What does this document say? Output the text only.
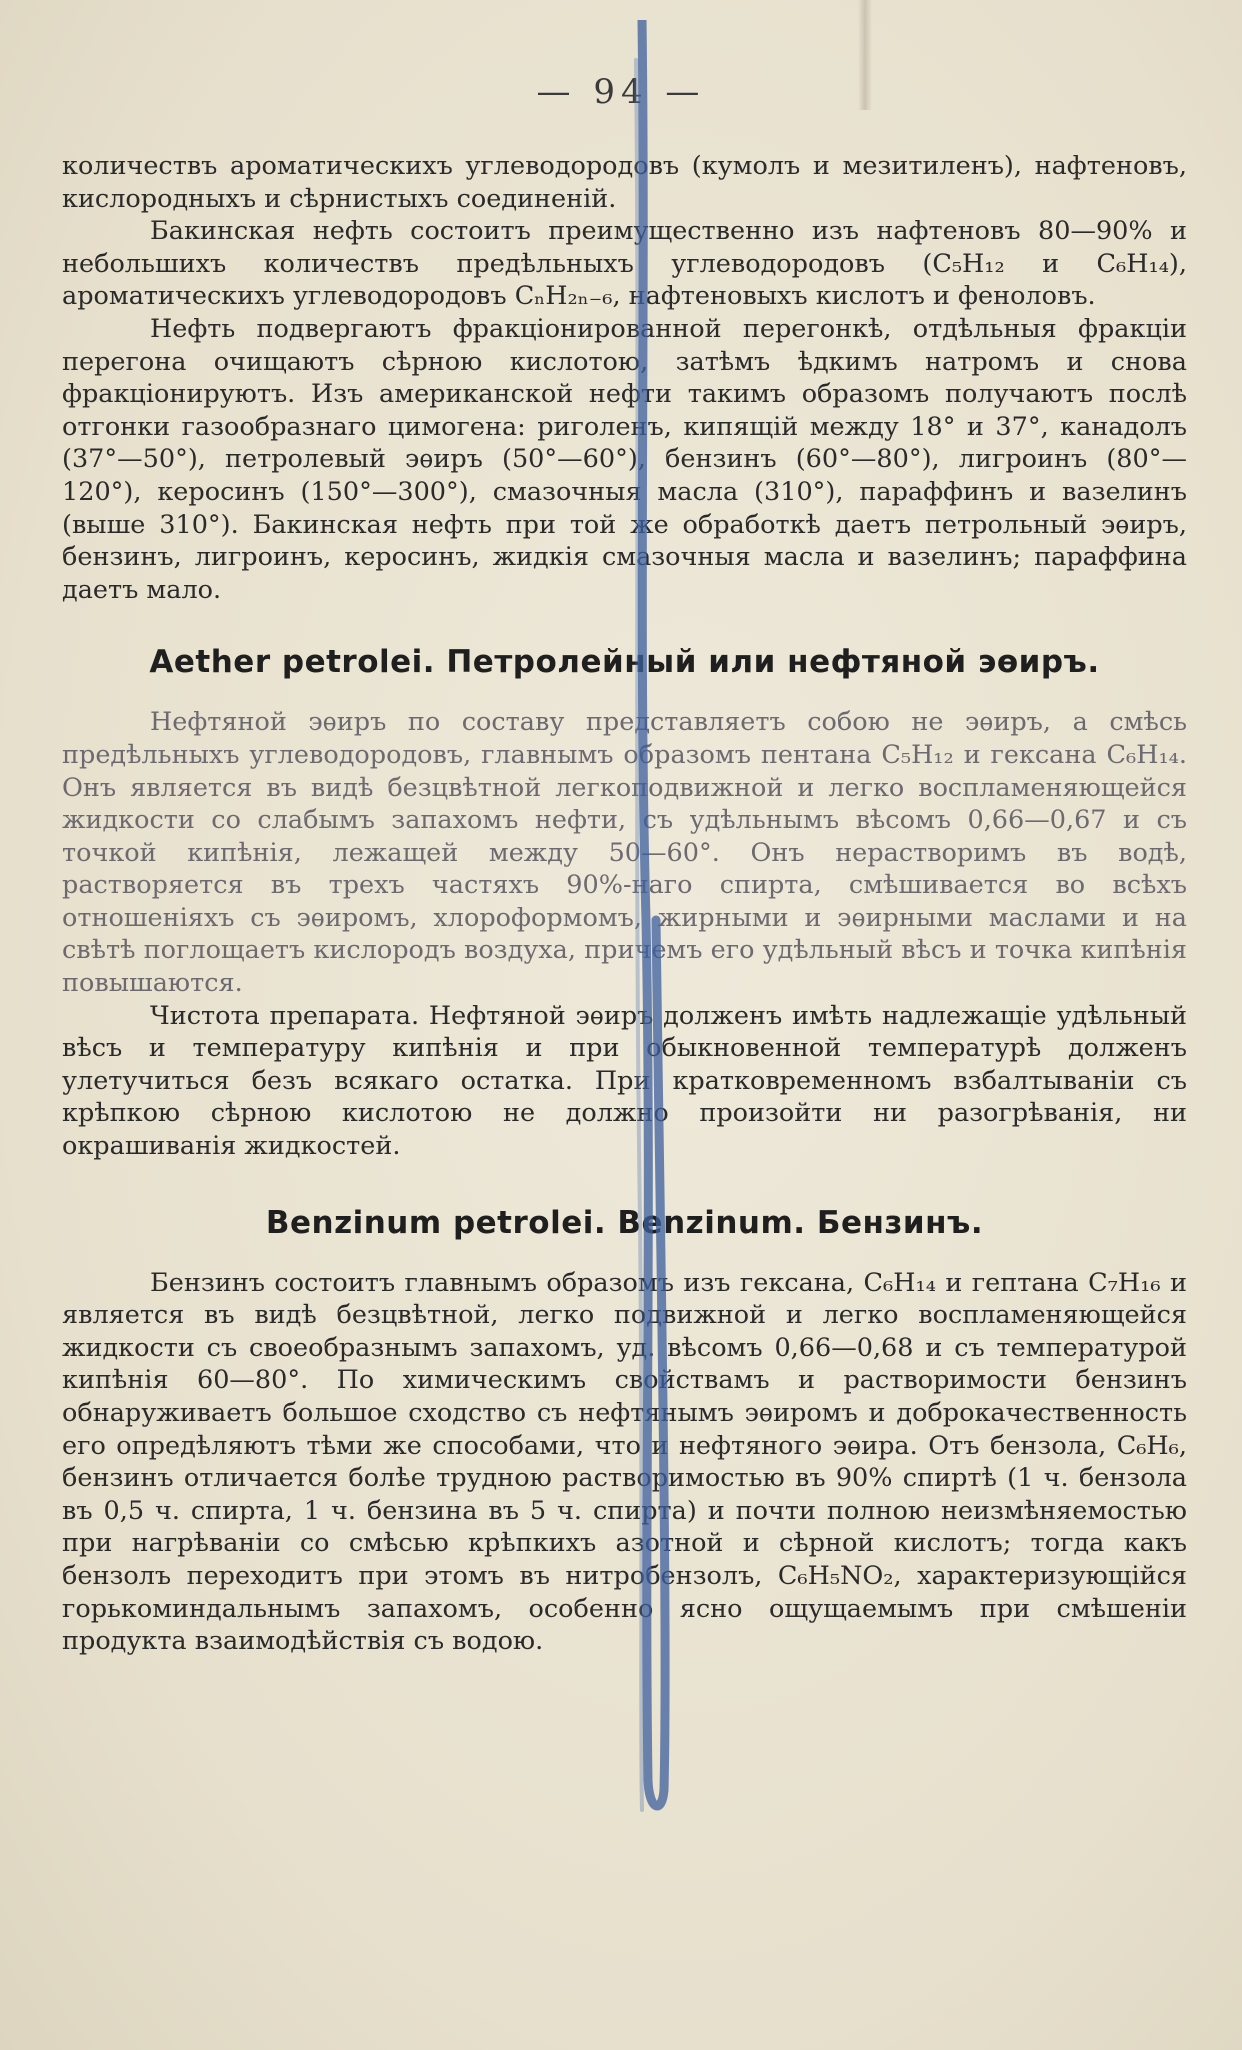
— 94 —

количествъ ароматическихъ углеводородовъ (кумолъ и мезитиленъ), нафтеновъ, кислородныхъ и сѣрнистыхъ соединеній.

Бакинская нефть состоитъ преимущественно изъ нафтеновъ 80—90% и небольшихъ количествъ предѣльныхъ углеводородовъ (C₅H₁₂ и C₆H₁₄), ароматическихъ углеводородовъ CₙH₂ₙ₋₆, нафтеновыхъ кислотъ и феноловъ.

Нефть подвергаютъ фракціонированной перегонкѣ, отдѣльныя фракціи перегона очищаютъ сѣрною кислотою, затѣмъ ѣдкимъ натромъ и снова фракціонируютъ. Изъ американской нефти такимъ образомъ получаютъ послѣ отгонки газообразнаго цимогена: риголенъ, кипящій между 18° и 37°, канадолъ (37°—50°), петролевый эѳиръ (50°—60°), бензинъ (60°—80°), лигроинъ (80°—120°), керосинъ (150°—300°), смазочныя масла (310°), параффинъ и вазелинъ (выше 310°). Бакинская нефть при той же обработкѣ даетъ петрольный эѳиръ, бензинъ, лигроинъ, керосинъ, жидкія смазочныя масла и вазелинъ; параффина даетъ мало.

Aether petrolei. Петролейный или нефтяной эѳиръ.

Нефтяной эѳиръ по составу представляетъ собою не эѳиръ, а смѣсь предѣльныхъ углеводородовъ, главнымъ образомъ пентана C₅H₁₂ и гексана C₆H₁₄. Онъ является въ видѣ безцвѣтной легкоподвижной и легко воспламеняющейся жидкости со слабымъ запахомъ нефти, съ удѣльнымъ вѣсомъ 0,66—0,67 и съ точкой кипѣнія, лежащей между 50—60°. Онъ нерастворимъ въ водѣ, растворяется въ трехъ частяхъ 90%-наго спирта, смѣшивается во всѣхъ отношеніяхъ съ эѳиромъ, хлороформомъ, жирными и эѳирными маслами и на свѣтѣ поглощаетъ кислородъ воздуха, причемъ его удѣльный вѣсъ и точка кипѣнія повышаются.

Чистота препарата. Нефтяной эѳиръ долженъ имѣть надлежащіе удѣльный вѣсъ и температуру кипѣнія и при обыкновенной температурѣ долженъ улетучиться безъ всякаго остатка. При кратковременномъ взбалтываніи съ крѣпкою сѣрною кислотою не должно произойти ни разогрѣванія, ни окрашиванія жидкостей.

Benzinum petrolei. Benzinum. Бензинъ.

Бензинъ состоитъ главнымъ образомъ изъ гексана, C₆H₁₄ и гептана C₇H₁₆ и является въ видѣ безцвѣтной, легко подвижной и легко воспламеняющейся жидкости съ своеобразнымъ запахомъ, уд. вѣсомъ 0,66—0,68 и съ температурой кипѣнія 60—80°. По химическимъ свойствамъ и растворимости бензинъ обнаруживаетъ большое сходство съ нефтянымъ эѳиромъ и доброкачественность его опредѣляютъ тѣми же способами, что и нефтяного эѳира. Отъ бензола, C₆H₆, бензинъ отличается болѣе трудною растворимостью въ 90% спиртѣ (1 ч. бензола въ 0,5 ч. спирта, 1 ч. бензина въ 5 ч. спирта) и почти полною неизмѣняемостью при нагрѣваніи со смѣсью крѣпкихъ азотной и сѣрной кислотъ; тогда какъ бензолъ переходитъ при этомъ въ нитробензолъ, C₆H₅NO₂, характеризующійся горькоминдальнымъ запахомъ, особенно ясно ощущаемымъ при смѣшеніи продукта взаимодѣйствія съ водою.
